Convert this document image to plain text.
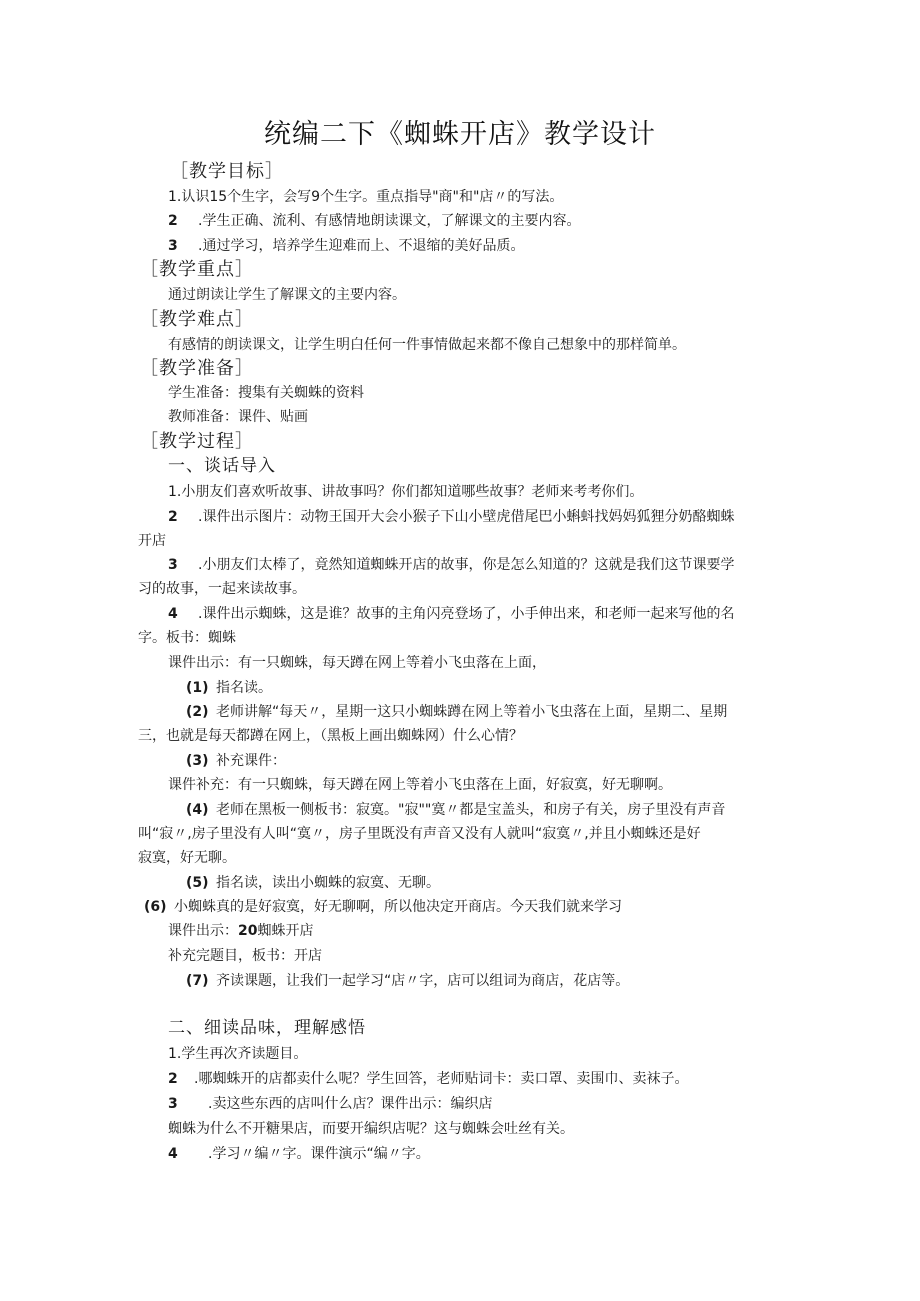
统编二下《蜘蛛开店》教学设计
［教学目标］
1.认识15个生字，会写9个生字。重点指导"商"和"店〃的写法。
2 .学生正确、流利、有感情地朗读课文，了解课文的主要内容。
3 .通过学习，培养学生迎难而上、不退缩的美好品质。
［教学重点］
通过朗读让学生了解课文的主要内容。
［教学难点］
有感情的朗读课文，让学生明白任何一件事情做起来都不像自己想象中的那样简单。
［教学准备］
学生准备：搜集有关蜘蛛的资料
教师准备：课件、贴画
［教学过程］
一、谈话导入
1.小朋友们喜欢听故事、讲故事吗？你们都知道哪些故事？老师来考考你们。
2 .课件出示图片：动物王国开大会小猴子下山小壁虎借尾巴小蝌蚪找妈妈狐狸分奶酪蜘蛛
开店
3 .小朋友们太棒了，竟然知道蜘蛛开店的故事，你是怎么知道的？这就是我们这节课要学
习的故事，一起来读故事。
4 .课件出示蜘蛛，这是谁？故事的主角闪亮登场了，小手伸出来，和老师一起来写他的名
字。板书：蜘蛛
课件出示：有一只蜘蛛，每天蹲在网上等着小飞虫落在上面，
(1) 指名读。
(2) 老师讲解“每天〃，星期一这只小蜘蛛蹲在网上等着小飞虫落在上面，星期二、星期
三，也就是每天都蹲在网上，（黑板上画出蜘蛛网）什么心情？
(3) 补充课件：
课件补充：有一只蜘蛛，每天蹲在网上等着小飞虫落在上面，好寂寞，好无聊啊。
(4) 老师在黑板一侧板书：寂寞。"寂""寞〃都是宝盖头，和房子有关，房子里没有声音
叫“寂〃,房子里没有人叫“寞〃，房子里既没有声音又没有人就叫“寂寞〃,并且小蜘蛛还是好
寂寞，好无聊。
(5) 指名读，读出小蜘蛛的寂寞、无聊。
(6) 小蜘蛛真的是好寂寞，好无聊啊，所以他决定开商店。今天我们就来学习
课件出示：20蜘蛛开店
补充完题目，板书：开店
(7) 齐读课题，让我们一起学习“店〃字，店可以组词为商店，花店等。
二、细读品味，理解感悟
1.学生再次齐读题目。
2 .哪蜘蛛开的店都卖什么呢？学生回答，老师贴词卡：卖口罩、卖围巾、卖袜子。
3 .卖这些东西的店叫什么店？课件出示：编织店
蜘蛛为什么不开糖果店，而要开编织店呢？这与蜘蛛会吐丝有关。
4 .学习〃编〃字。课件演示“编〃字。
